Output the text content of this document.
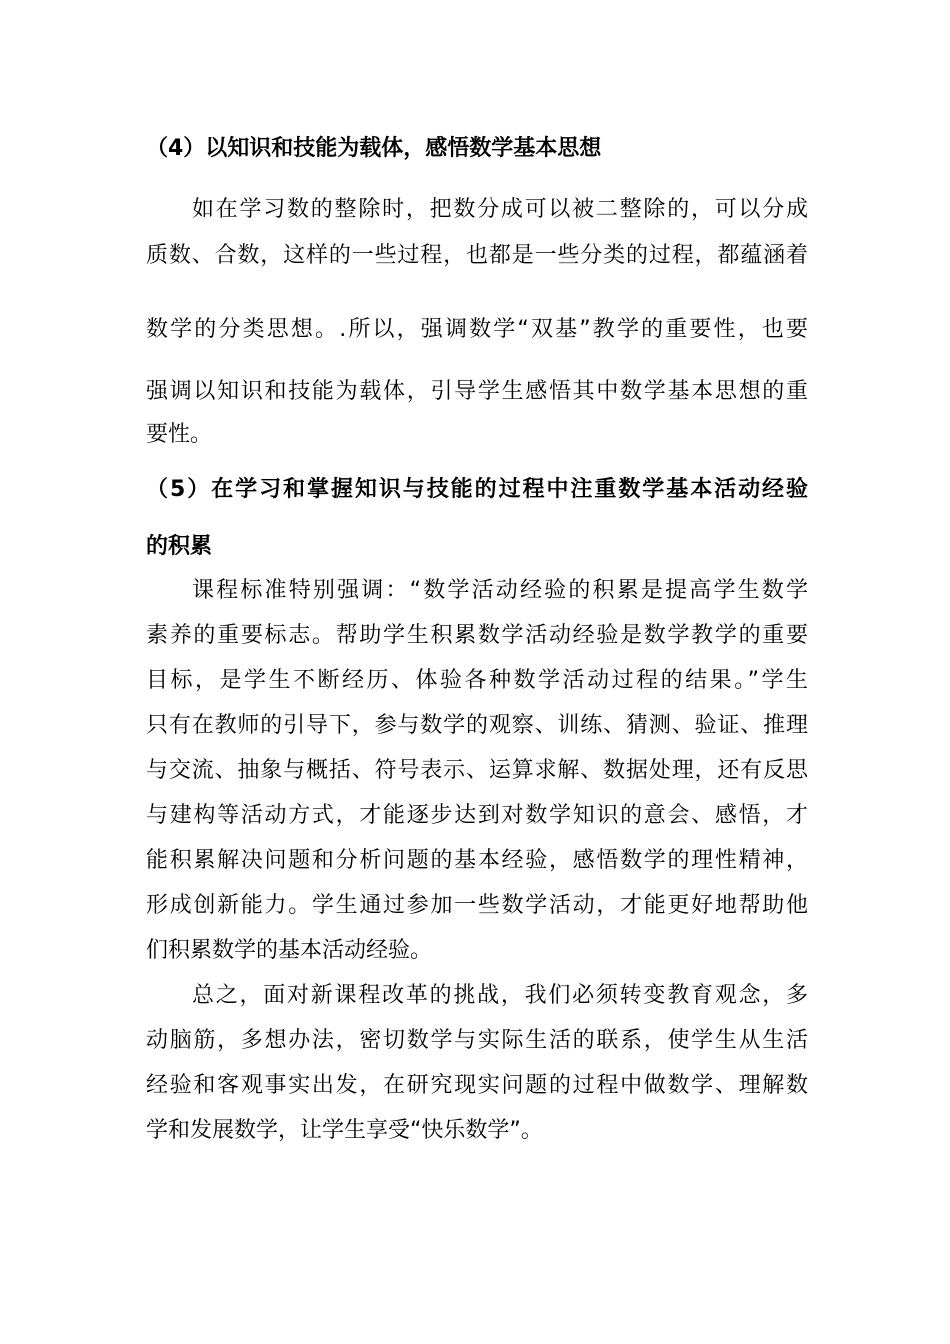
（4）以知识和技能为载体，感悟数学基本思想
如在学习数的整除时，把数分成可以被二整除的，可以分成
质数、合数，这样的一些过程，也都是一些分类的过程，都蕴涵着
数学的分类思想。.所以，强调数学“双基”教学的重要性，也要
强调以知识和技能为载体，引导学生感悟其中数学基本思想的重
要性。
（5）在学习和掌握知识与技能的过程中注重数学基本活动经验
的积累
课程标准特别强调：“数学活动经验的积累是提高学生数学
素养的重要标志。帮助学生积累数学活动经验是数学教学的重要
目标，是学生不断经历、体验各种数学活动过程的结果。”学生
只有在教师的引导下，参与数学的观察、训练、猜测、验证、推理
与交流、抽象与概括、符号表示、运算求解、数据处理，还有反思
与建构等活动方式，才能逐步达到对数学知识的意会、感悟，才
能积累解决问题和分析问题的基本经验，感悟数学的理性精神，
形成创新能力。学生通过参加一些数学活动，才能更好地帮助他
们积累数学的基本活动经验。
总之，面对新课程改革的挑战，我们必须转变教育观念，多
动脑筋，多想办法，密切数学与实际生活的联系，使学生从生活
经验和客观事实出发，在研究现实问题的过程中做数学、理解数
学和发展数学，让学生享受“快乐数学”。
